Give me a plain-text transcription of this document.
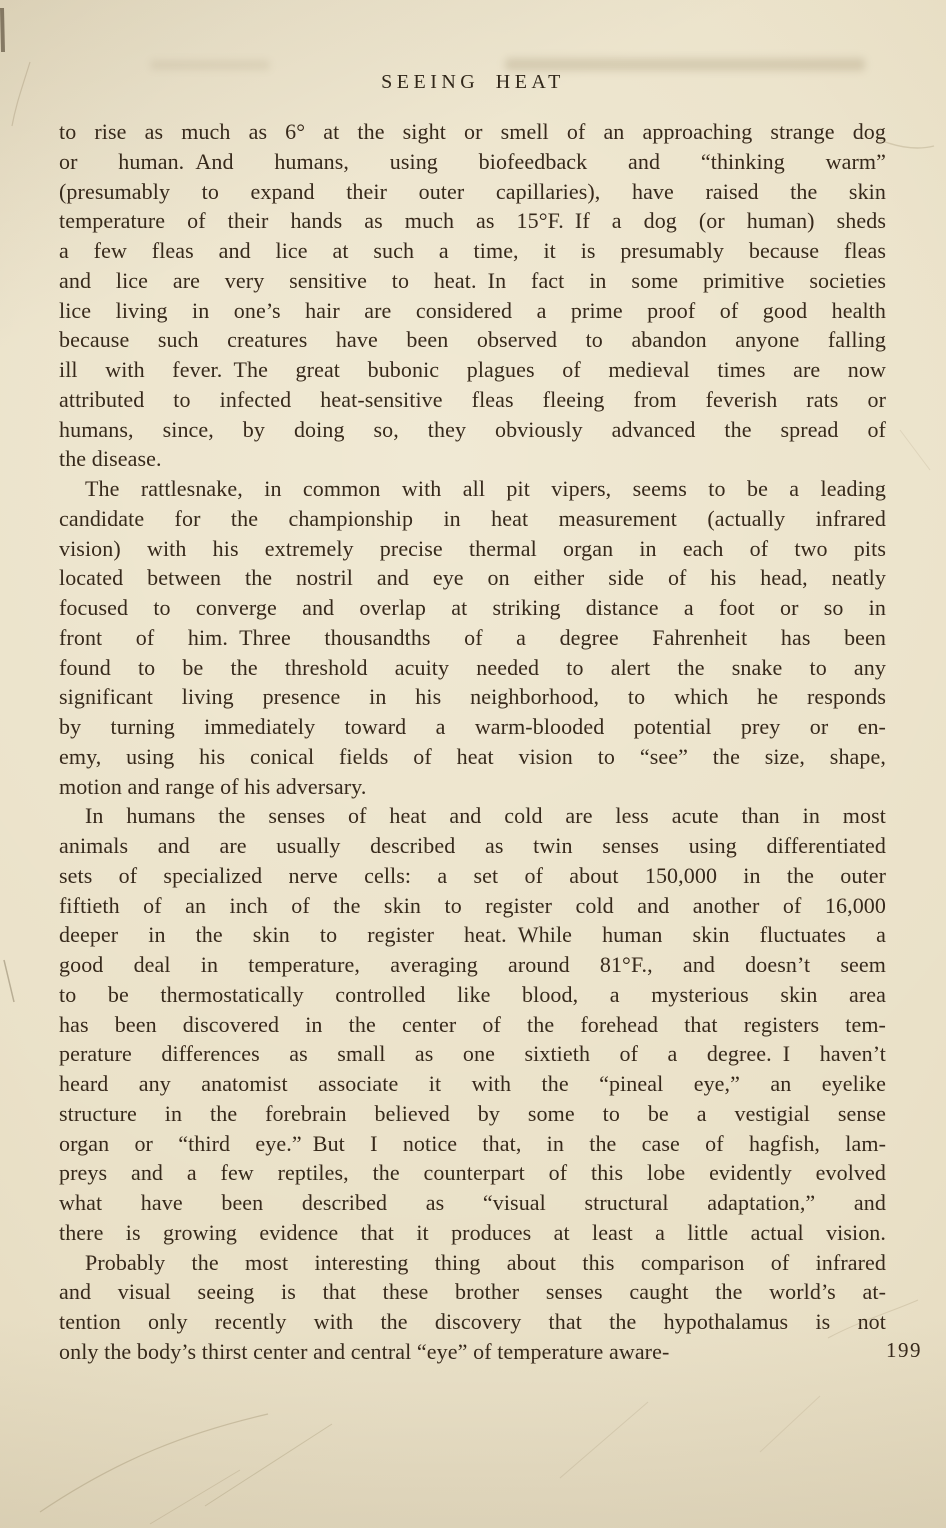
SEEING HEAT
to rise as much as 6° at the sight or smell of an approaching strange dog
or human. And humans, using biofeedback and “thinking warm”
(presumably to expand their outer capillaries), have raised the skin
temperature of their hands as much as 15°F. If a dog (or human) sheds
a few fleas and lice at such a time, it is presumably because fleas
and lice are very sensitive to heat. In fact in some primitive societies
lice living in one’s hair are considered a prime proof of good health
because such creatures have been observed to abandon anyone falling
ill with fever. The great bubonic plagues of medieval times are now
attributed to infected heat-sensitive fleas fleeing from feverish rats or
humans, since, by doing so, they obviously advanced the spread of
the disease.
The rattlesnake, in common with all pit vipers, seems to be a leading
candidate for the championship in heat measurement (actually infrared
vision) with his extremely precise thermal organ in each of two pits
located between the nostril and eye on either side of his head, neatly
focused to converge and overlap at striking distance a foot or so in
front of him. Three thousandths of a degree Fahrenheit has been
found to be the threshold acuity needed to alert the snake to any
significant living presence in his neighborhood, to which he responds
by turning immediately toward a warm-blooded potential prey or en-
emy, using his conical fields of heat vision to “see” the size, shape,
motion and range of his adversary.
In humans the senses of heat and cold are less acute than in most
animals and are usually described as twin senses using differentiated
sets of specialized nerve cells: a set of about 150,000 in the outer
fiftieth of an inch of the skin to register cold and another of 16,000
deeper in the skin to register heat. While human skin fluctuates a
good deal in temperature, averaging around 81°F., and doesn’t seem
to be thermostatically controlled like blood, a mysterious skin area
has been discovered in the center of the forehead that registers tem-
perature differences as small as one sixtieth of a degree. I haven’t
heard any anatomist associate it with the “pineal eye,” an eyelike
structure in the forebrain believed by some to be a vestigial sense
organ or “third eye.” But I notice that, in the case of hagfish, lam-
preys and a few reptiles, the counterpart of this lobe evidently evolved
what have been described as “visual structural adaptation,” and
there is growing evidence that it produces at least a little actual vision.
Probably the most interesting thing about this comparison of infrared
and visual seeing is that these brother senses caught the world’s at-
tention only recently with the discovery that the hypothalamus is not
only the body’s thirst center and central “eye” of temperature aware-	199
